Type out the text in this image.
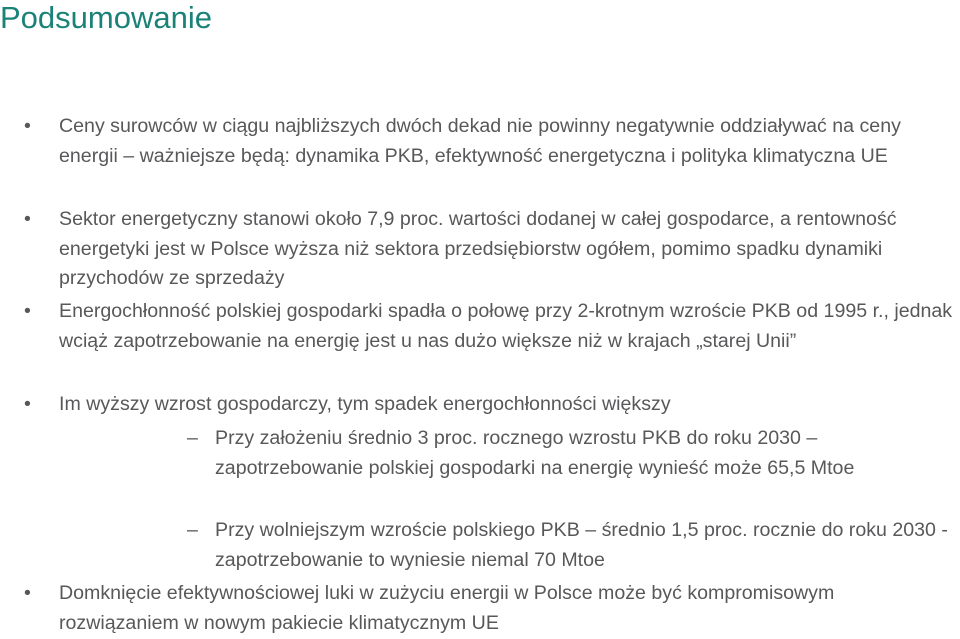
Podsumowanie
• Ceny surowców w ciągu najbliższych dwóch dekad nie powinny negatywnie oddziaływać na ceny energii – ważniejsze będą: dynamika PKB, efektywność energetyczna i polityka klimatyczna UE
• Sektor energetyczny stanowi około 7,9 proc. wartości dodanej w całej gospodarce, a rentowność energetyki jest w Polsce wyższa niż sektora przedsiębiorstw ogółem, pomimo spadku dynamiki przychodów ze sprzedaży
• Energochłonność polskiej gospodarki spadła o połowę przy 2-krotnym wzroście PKB od 1995 r., jednak wciąż zapotrzebowanie na energię jest u nas dużo większe niż w krajach „starej Unii”
• Im wyższy wzrost gospodarczy, tym spadek energochłonności większy
– Przy założeniu średnio 3 proc. rocznego wzrostu PKB do roku 2030 – zapotrzebowanie polskiej gospodarki na energię wynieść może 65,5 Mtoe
– Przy wolniejszym wzroście polskiego PKB – średnio 1,5 proc. rocznie do roku 2030 - zapotrzebowanie to wyniesie niemal 70 Mtoe
• Domknięcie efektywnościowej luki w zużyciu energii w Polsce może być kompromisowym rozwiązaniem w nowym pakiecie klimatycznym UE
